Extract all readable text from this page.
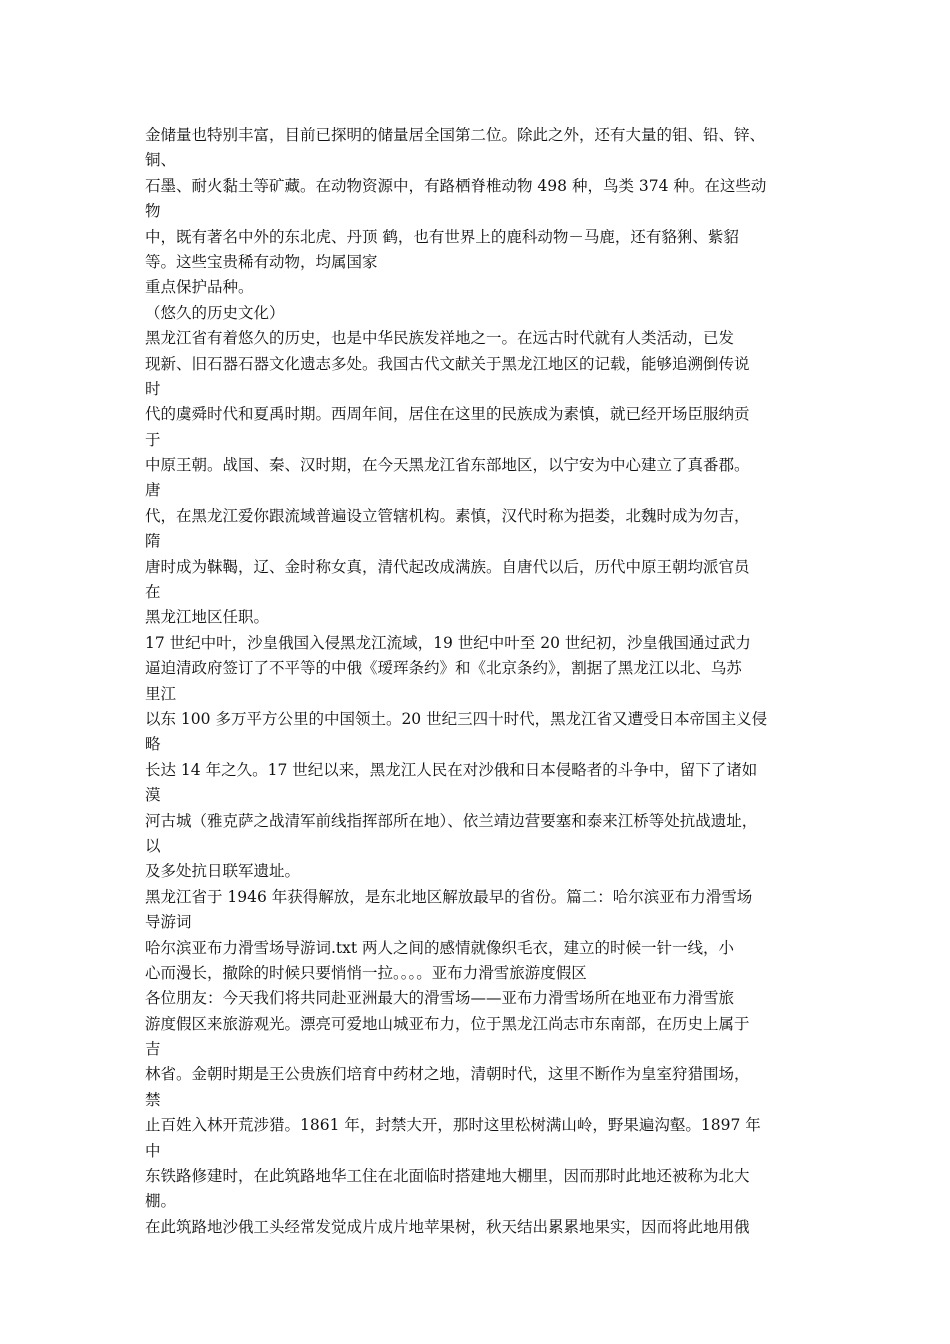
金储量也特别丰富，目前已探明的储量居全国第二位。除此之外，还有大量的钼、铅、锌、
铜、
石墨、耐火黏土等矿藏。在动物资源中，有路栖脊椎动物 498 种，鸟类 374 种。在这些动
物
中，既有著名中外的东北虎、丹顶 鹤，也有世界上的鹿科动物－马鹿，还有貉猁、紫貂
等。这些宝贵稀有动物，均属国家
重点保护品种。
（悠久的历史文化）
黑龙江省有着悠久的历史，也是中华民族发祥地之一。在远古时代就有人类活动，已发
现新、旧石器石器文化遗志多处。我国古代文献关于黑龙江地区的记载，能够追溯倒传说
时
代的虞舜时代和夏禹时期。西周年间，居住在这里的民族成为素慎，就已经开场臣服纳贡
于
中原王朝。战国、秦、汉时期，在今天黑龙江省东部地区，以宁安为中心建立了真番郡。
唐
代，在黑龙江爱你跟流域普遍设立管辖机构。素慎，汉代时称为挹娄，北魏时成为勿吉，
隋
唐时成为靺鞨，辽、金时称女真，清代起改成满族。自唐代以后，历代中原王朝均派官员
在
黑龙江地区任职。
17 世纪中叶，沙皇俄国入侵黑龙江流域，19 世纪中叶至 20 世纪初，沙皇俄国通过武力
逼迫清政府签订了不平等的中俄《瑷珲条约》和《北京条约》，割据了黑龙江以北、乌苏
里江
以东 100 多万平方公里的中国领土。20 世纪三四十时代，黑龙江省又遭受日本帝国主义侵
略
长达 14 年之久。17 世纪以来，黑龙江人民在对沙俄和日本侵略者的斗争中，留下了诸如
漠
河古城（雅克萨之战清军前线指挥部所在地）、依兰靖边营要塞和泰来江桥等处抗战遗址，
以
及多处抗日联军遗址。
黑龙江省于 1946 年获得解放，是东北地区解放最早的省份。篇二：哈尔滨亚布力滑雪场
导游词
哈尔滨亚布力滑雪场导游词.txt 两人之间的感情就像织毛衣，建立的时候一针一线，小
心而漫长，撤除的时候只要悄悄一拉。。。。亚布力滑雪旅游度假区
各位朋友：今天我们将共同赴亚洲最大的滑雪场——亚布力滑雪场所在地亚布力滑雪旅
游度假区来旅游观光。漂亮可爱地山城亚布力，位于黑龙江尚志市东南部，在历史上属于
吉
林省。金朝时期是王公贵族们培育中药材之地，清朝时代，这里不断作为皇室狩猎围场，
禁
止百姓入林开荒涉猎。1861 年，封禁大开，那时这里松树满山岭，野果遍沟壑。1897 年
中
东铁路修建时，在此筑路地华工住在北面临时搭建地大棚里，因而那时此地还被称为北大
棚。
在此筑路地沙俄工头经常发觉成片成片地苹果树，秋天结出累累地果实，因而将此地用俄
